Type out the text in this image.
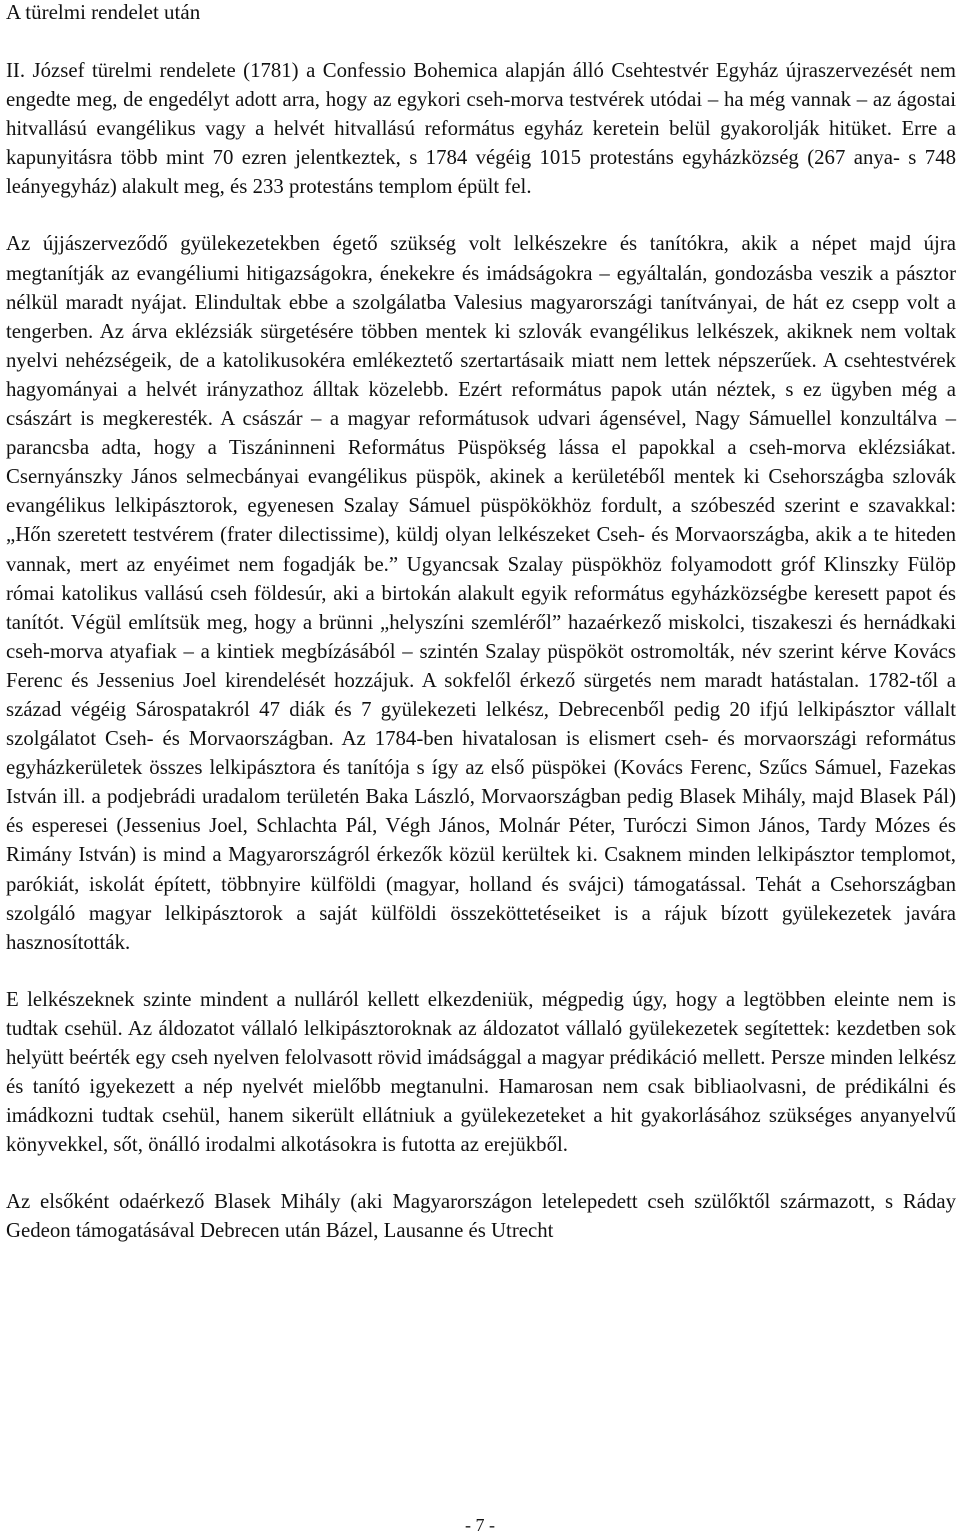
A türelmi rendelet után

II. József türelmi rendelete (1781) a Confessio Bohemica alapján álló Csehtestvér Egyház újraszervezését nem engedte meg, de engedélyt adott arra, hogy az egykori cseh-morva testvérek utódai – ha még vannak – az ágostai hitvallású evangélikus vagy a helvét hitvallású református egyház keretein belül gyakorolják hitüket. Erre a kapunyitásra több mint 70 ezren jelentkeztek, s 1784 végéig 1015 protestáns egyházközség (267 anya- s 748 leányegyház) alakult meg, és 233 protestáns templom épült fel.

Az újjászerveződő gyülekezetekben égető szükség volt lelkészekre és tanítókra, akik a népet majd újra megtanítják az evangéliumi hitigazságokra, énekekre és imádságokra – egyáltalán, gondozásba veszik a pásztor nélkül maradt nyájat. Elindultak ebbe a szolgálatba Valesius magyarországi tanítványai, de hát ez csepp volt a tengerben. Az árva eklézsiák sürgetésére többen mentek ki szlovák evangélikus lelkészek, akiknek nem voltak nyelvi nehézségeik, de a katolikusokéra emlékeztető szertartásaik miatt nem lettek népszerűek. A csehtestvérek hagyományai a helvét irányzathoz álltak közelebb. Ezért református papok után néztek, s ez ügyben még a császárt is megkeresték. A császár – a magyar reformátusok udvari ágensével, Nagy Sámuellel konzultálva – parancsba adta, hogy a Tiszáninneni Református Püspökség lássa el papokkal a cseh-morva eklézsiákat. Csernyánszky János selmecbányai evangélikus püspök, akinek a kerületéből mentek ki Csehországba szlovák evangélikus lelkipásztorok, egyenesen Szalay Sámuel püspökökhöz fordult, a szóbeszéd szerint e szavakkal: „Hőn szeretett testvérem (frater dilectissime), küldj olyan lelkészeket Cseh- és Morvaországba, akik a te hiteden vannak, mert az enyéimet nem fogadják be.” Ugyancsak Szalay püspökhöz folyamodott gróf Klinszky Fülöp római katolikus vallású cseh földesúr, aki a birtokán alakult egyik református egyházközségbe keresett papot és tanítót. Végül említsük meg, hogy a brünni „helyszíni szemléről” hazaérkező miskolci, tiszakeszi és hernádkaki cseh-morva atyafiak – a kintiek megbízásából – szintén Szalay püspököt ostromolták, név szerint kérve Kovács Ferenc és Jessenius Joel kirendelését hozzájuk. A sokfelől érkező sürgetés nem maradt hatástalan. 1782-től a század végéig Sárospatakról 47 diák és 7 gyülekezeti lelkész, Debrecenből pedig 20 ifjú lelkipásztor vállalt szolgálatot Cseh- és Morvaországban. Az 1784-ben hivatalosan is elismert cseh- és morvaországi református egyházkerületek összes lelkipásztora és tanítója s így az első püspökei (Kovács Ferenc, Szűcs Sámuel, Fazekas István ill. a podjebrádi uradalom területén Baka László, Morvaországban pedig Blasek Mihály, majd Blasek Pál) és esperesei (Jessenius Joel, Schlachta Pál, Végh János, Molnár Péter, Turóczi Simon János, Tardy Mózes és Rimány István) is mind a Magyarországról érkezők közül kerültek ki. Csaknem minden lelkipásztor templomot, parókiát, iskolát épített, többnyire külföldi (magyar, holland és svájci) támogatással. Tehát a Csehországban szolgáló magyar lelkipásztorok a saját külföldi összeköttetéseiket is a rájuk bízott gyülekezetek javára hasznosították.

E lelkészeknek szinte mindent a nulláról kellett elkezdeniük, mégpedig úgy, hogy a legtöbben eleinte nem is tudtak csehül. Az áldozatot vállaló lelkipásztoroknak az áldozatot vállaló gyülekezetek segítettek: kezdetben sok helyütt beérték egy cseh nyelven felolvasott rövid imádsággal a magyar prédikáció mellett. Persze minden lelkész és tanító igyekezett a nép nyelvét mielőbb megtanulni. Hamarosan nem csak bibliaolvasni, de prédikálni és imádkozni tudtak csehül, hanem sikerült ellátniuk a gyülekezeteket a hit gyakorlásához szükséges anyanyelvű könyvekkel, sőt, önálló irodalmi alkotásokra is futotta az erejükből.

Az elsőként odaérkező Blasek Mihály (aki Magyarországon letelepedett cseh szülőktől származott, s Ráday Gedeon támogatásával Debrecen után Bázel, Lausanne és Utrecht

- 7 -
